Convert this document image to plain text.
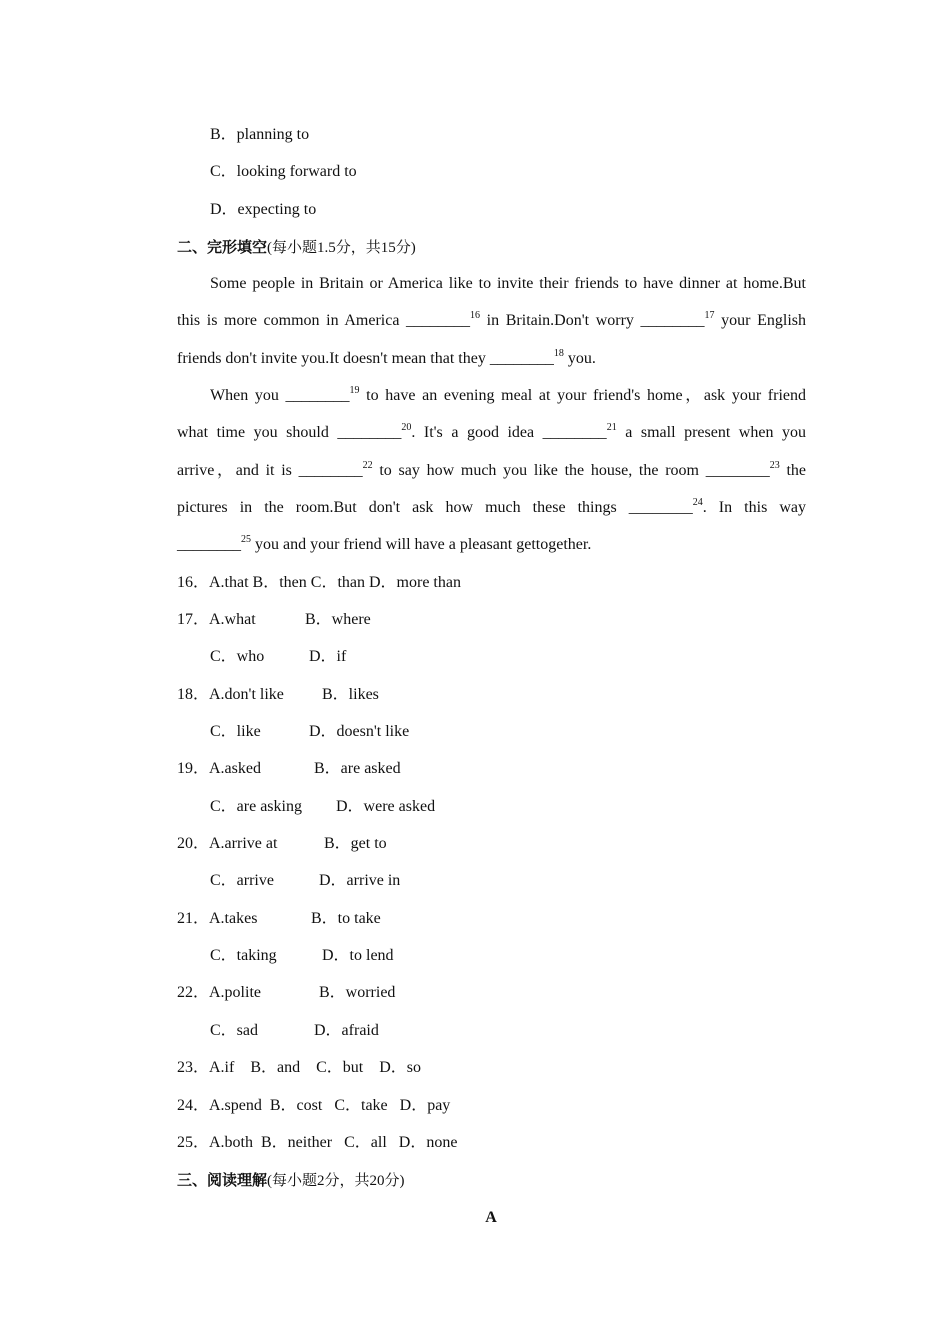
B．planning to
C．looking forward to
D．expecting to
二、完形填空(每小题1.5分，共15分)
Some people in Britain or America like to invite their friends to have dinner at home.But
this is more common in America ________$^{16}$ in Britain.Don't worry ________$^{17}$ your English
friends don't invite you.It doesn't mean that they ________$^{18}$ you.
When you ________$^{19}$ to have an evening meal at your friend's home，ask your friend
what time you should ________$^{20}$. It's a good idea ________$^{21}$ a small present when you
arrive，and it is ________$^{22}$ to say how much you like the house, the room ________$^{23}$ the
pictures in the room.But don't ask how much these things ________$^{24}$. In this way
________$^{25}$ you and your friend will have a pleasant gettogether.
16．A.that B．then C．than D．more than
17．A.what	B．where
C．who	D．if
18．A.don't like B．likes
C．like	D．doesn't like
19．A.asked	B．are asked
C．are asking D．were asked
20．A.arrive at	B．get to
C．arrive	D．arrive in
21．A.takes	B．to take
C．taking	D．to lend
22．A.polite	B．worried
C．sad	D．afraid
23．A.if    B．and    C．but    D．so
24．A.spend  B．cost   C．take   D．pay
25．A.both  B．neither   C．all   D．none
三、阅读理解(每小题2分，共20分)
A
